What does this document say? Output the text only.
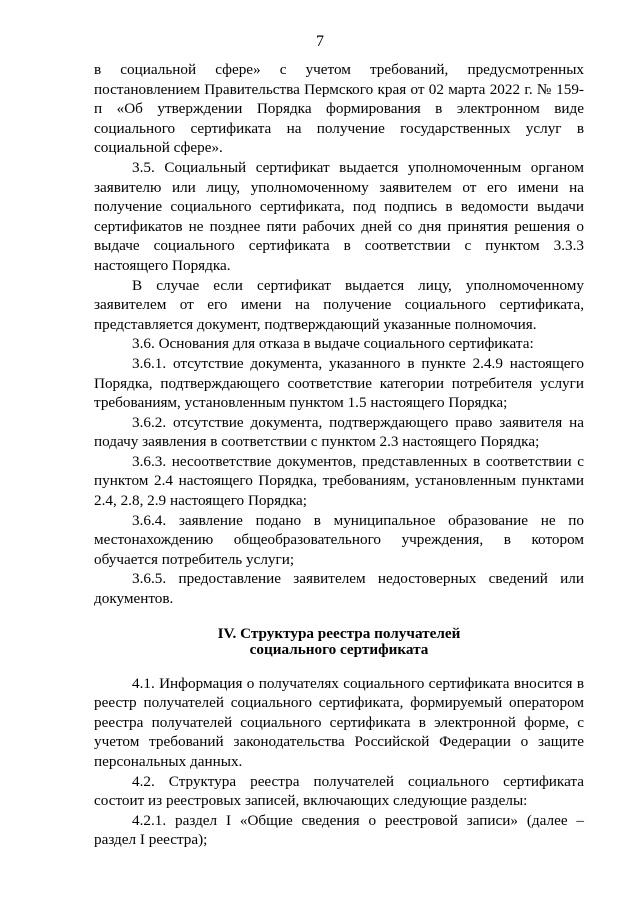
7

в социальной сфере» с учетом требований, предусмотренных постановлением Правительства Пермского края от 02 марта 2022 г. № 159-п «Об утверждении Порядка формирования в электронном виде социального сертификата на получение государственных услуг в социальной сфере».

3.5. Социальный сертификат выдается уполномоченным органом заявителю или лицу, уполномоченному заявителем от его имени на получение социального сертификата, под подпись в ведомости выдачи сертификатов не позднее пяти рабочих дней со дня принятия решения о выдаче социального сертификата в соответствии с пунктом 3.3.3 настоящего Порядка.

В случае если сертификат выдается лицу, уполномоченному заявителем от его имени на получение социального сертификата, представляется документ, подтверждающий указанные полномочия.

3.6. Основания для отказа в выдаче социального сертификата:

3.6.1. отсутствие документа, указанного в пункте 2.4.9 настоящего Порядка, подтверждающего соответствие категории потребителя услуги требованиям, установленным пунктом 1.5 настоящего Порядка;

3.6.2. отсутствие документа, подтверждающего право заявителя на подачу заявления в соответствии с пунктом 2.3 настоящего Порядка;

3.6.3. несоответствие документов, представленных в соответствии с пунктом 2.4 настоящего Порядка, требованиям, установленным пунктами 2.4, 2.8, 2.9 настоящего Порядка;

3.6.4. заявление подано в муниципальное образование не по местонахождению общеобразовательного учреждения, в котором обучается потребитель услуги;

3.6.5. предоставление заявителем недостоверных сведений или документов.

IV. Структура реестра получателей
социального сертификата

4.1. Информация о получателях социального сертификата вносится в реестр получателей социального сертификата, формируемый оператором реестра получателей социального сертификата в электронной форме, с учетом требований законодательства Российской Федерации о защите персональных данных.

4.2. Структура реестра получателей социального сертификата состоит из реестровых записей, включающих следующие разделы:

4.2.1. раздел I «Общие сведения о реестровой записи» (далее – раздел I реестра);
